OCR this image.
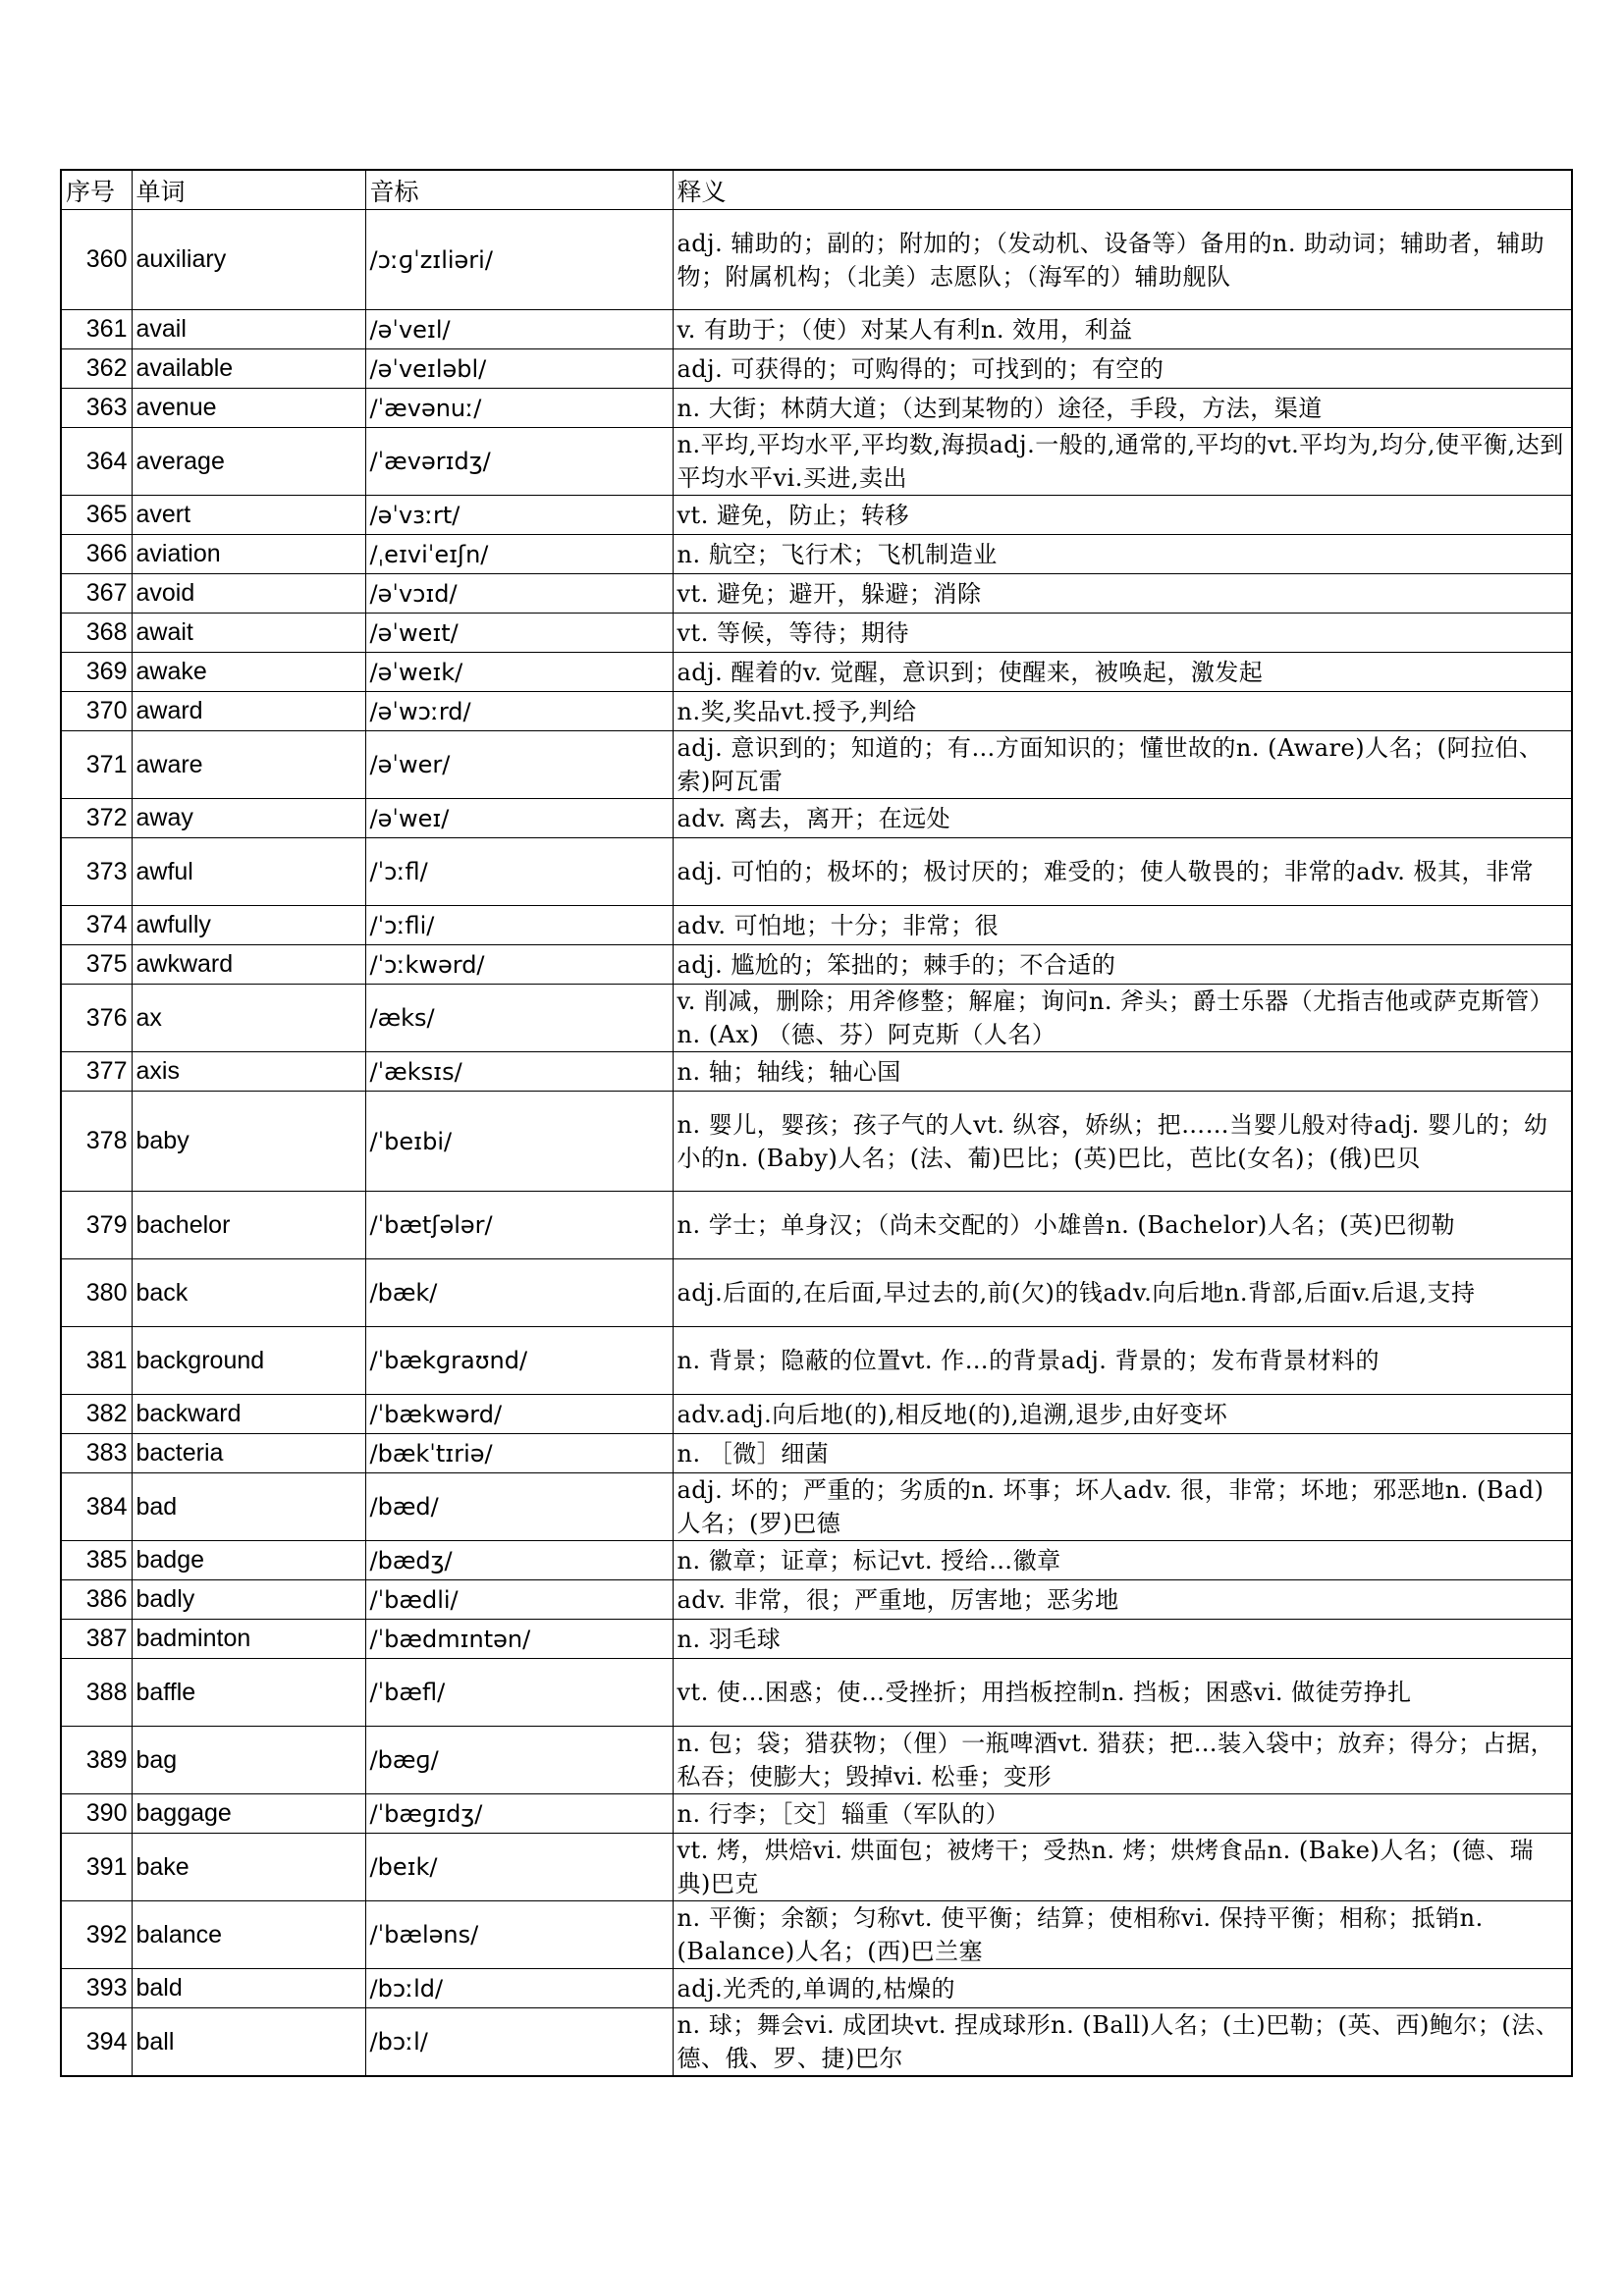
序号	单词	音标	释义
360	auxiliary	/ɔːɡˈzɪliəri/	adj. 辅助的；副的；附加的；（发动机、设备等）备用的n. 助动词；辅助者，辅助物；附属机构；（北美）志愿队；（海军的）辅助舰队
361	avail	/əˈveɪl/	v. 有助于；（使）对某人有利n. 效用，利益
362	available	/əˈveɪləbl/	adj. 可获得的；可购得的；可找到的；有空的
363	avenue	/ˈævənuː/	n. 大街；林荫大道；（达到某物的）途径，手段，方法，渠道
364	average	/ˈævərɪdʒ/	n.平均,平均水平,平均数,海损adj.一般的,通常的,平均的vt.平均为,均分,使平衡,达到平均水平vi.买进,卖出
365	avert	/əˈvɜːrt/	vt. 避免，防止；转移
366	aviation	/ˌeɪviˈeɪʃn/	n. 航空；飞行术；飞机制造业
367	avoid	/əˈvɔɪd/	vt. 避免；避开，躲避；消除
368	await	/əˈweɪt/	vt. 等候，等待；期待
369	awake	/əˈweɪk/	adj. 醒着的v. 觉醒，意识到；使醒来，被唤起，激发起
370	award	/əˈwɔːrd/	n.奖,奖品vt.授予,判给
371	aware	/əˈwer/	adj. 意识到的；知道的；有…方面知识的；懂世故的n. (Aware)人名；(阿拉伯、索)阿瓦雷
372	away	/əˈweɪ/	adv. 离去，离开；在远处
373	awful	/ˈɔːfl/	adj. 可怕的；极坏的；极讨厌的；难受的；使人敬畏的；非常的adv. 极其，非常
374	awfully	/ˈɔːfli/	adv. 可怕地；十分；非常；很
375	awkward	/ˈɔːkwərd/	adj. 尴尬的；笨拙的；棘手的；不合适的
376	ax	/æks/	v. 削减，删除；用斧修整；解雇；询问n. 斧头；爵士乐器（尤指吉他或萨克斯管）n. (Ax) （德、芬）阿克斯（人名）
377	axis	/ˈæksɪs/	n. 轴；轴线；轴心国
378	baby	/ˈbeɪbi/	n. 婴儿，婴孩；孩子气的人vt. 纵容，娇纵；把……当婴儿般对待adj. 婴儿的；幼小的n. (Baby)人名；(法、葡)巴比；(英)巴比，芭比(女名)；(俄)巴贝
379	bachelor	/ˈbætʃələr/	n. 学士；单身汉；（尚未交配的）小雄兽n. (Bachelor)人名；(英)巴彻勒
380	back	/bæk/	adj.后面的,在后面,早过去的,前(欠)的钱adv.向后地n.背部,后面v.后退,支持
381	background	/ˈbækɡraʊnd/	n. 背景；隐蔽的位置vt. 作…的背景adj. 背景的；发布背景材料的
382	backward	/ˈbækwərd/	adv.adj.向后地(的),相反地(的),追溯,退步,由好变坏
383	bacteria	/bækˈtɪriə/	n. ［微］细菌
384	bad	/bæd/	adj. 坏的；严重的；劣质的n. 坏事；坏人adv. 很，非常；坏地；邪恶地n. (Bad)人名；(罗)巴德
385	badge	/bædʒ/	n. 徽章；证章；标记vt. 授给…徽章
386	badly	/ˈbædli/	adv. 非常，很；严重地，厉害地；恶劣地
387	badminton	/ˈbædmɪntən/	n. 羽毛球
388	baffle	/ˈbæfl/	vt. 使…困惑；使…受挫折；用挡板控制n. 挡板；困惑vi. 做徒劳挣扎
389	bag	/bæɡ/	n. 包；袋；猎获物；（俚）一瓶啤酒vt. 猎获；把…装入袋中；放弃；得分；占据，私吞；使膨大；毁掉vi. 松垂；变形
390	baggage	/ˈbæɡɪdʒ/	n. 行李；［交］辎重（军队的）
391	bake	/beɪk/	vt. 烤，烘焙vi. 烘面包；被烤干；受热n. 烤；烘烤食品n. (Bake)人名；(德、瑞典)巴克
392	balance	/ˈbæləns/	n. 平衡；余额；匀称vt. 使平衡；结算；使相称vi. 保持平衡；相称；抵销n. (Balance)人名；(西)巴兰塞
393	bald	/bɔːld/	adj.光秃的,单调的,枯燥的
394	ball	/bɔːl/	n. 球；舞会vi. 成团块vt. 捏成球形n. (Ball)人名；(土)巴勒；(英、西)鲍尔；(法、德、俄、罗、捷)巴尔
